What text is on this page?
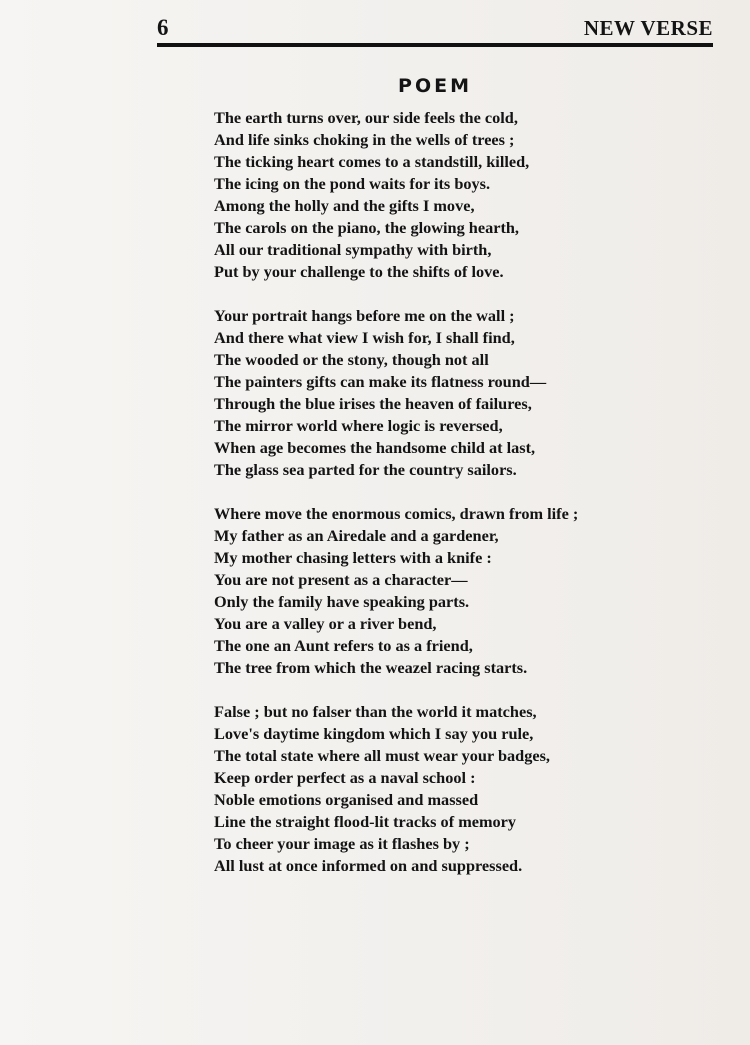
6	NEW VERSE
POEM
The earth turns over, our side feels the cold,
And life sinks choking in the wells of trees ;
The ticking heart comes to a standstill, killed,
The icing on the pond waits for its boys.
Among the holly and the gifts I move,
The carols on the piano, the glowing hearth,
All our traditional sympathy with birth,
Put by your challenge to the shifts of love.
Your portrait hangs before me on the wall ;
And there what view I wish for, I shall find,
The wooded or the stony, though not all
The painters gifts can make its flatness round—
Through the blue irises the heaven of failures,
The mirror world where logic is reversed,
When age becomes the handsome child at last,
The glass sea parted for the country sailors.
Where move the enormous comics, drawn from life ;
My father as an Airedale and a gardener,
My mother chasing letters with a knife :
You are not present as a character—
Only the family have speaking parts.
You are a valley or a river bend,
The one an Aunt refers to as a friend,
The tree from which the weazel racing starts.
False ; but no falser than the world it matches,
Love's daytime kingdom which I say you rule,
The total state where all must wear your badges,
Keep order perfect as a naval school :
Noble emotions organised and massed
Line the straight flood-lit tracks of memory
To cheer your image as it flashes by ;
All lust at once informed on and suppressed.
